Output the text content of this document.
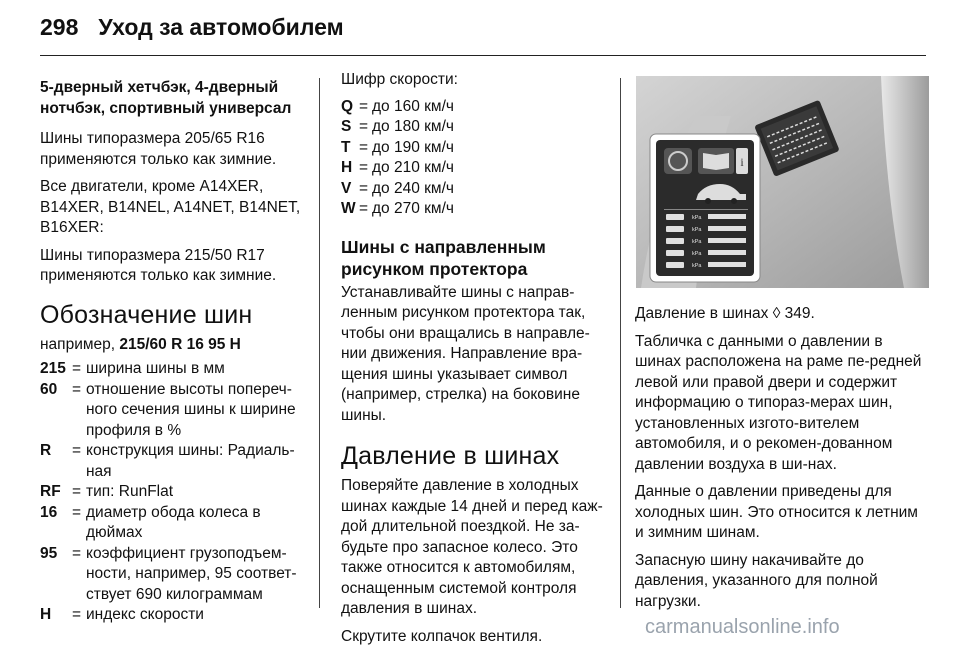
298 Уход за автомобилем

5-дверный хетчбэк, 4-дверный нотчбэк, спортивный универсал

Шины типоразмера 205/65 R16 применяются только как зимние.

Все двигатели, кроме A14XER, B14XER, B14NEL, A14NET, B14NET, B16XER:

Шины типоразмера 215/50 R17 применяются только как зимние.

Обозначение шин
например, 215/60 R 16 95 H
215 = ширина шины в мм
60 = отношение высоты попереч-ного сечения шины к ширине профиля в %
R	= конструкция шины: Радиаль-ная
RF = тип: RunFlat
16 = диаметр обода колеса в дюймах
95 = коэффициент грузоподъем-ности, например, 95 соответ-ствует 690 килограммам
H	= индекс скорости

Шифр скорости:

Q = до 160 км/ч
S = до 180 км/ч
T = до 190 км/ч
H = до 210 км/ч
V = до 240 км/ч
W = до 270 км/ч
Шины с направленным рисунком протектора

Устанавливайте шины с направ-ленным рисунком протектора так, чтобы они вращались в направле-нии движения. Направление вра-щения шины указывает символ (например, стрелка) на боковине шины.

Давление в шинах

Поверяйте давление в холодных шинах каждые 14 дней и перед каж-дой длительной поездкой. Не за-будьте про запасное колесо. Это также относится к автомобилям, оснащенным системой контроля давления в шинах.

Скрутите колпачок вентиля.

i
kPa
kPa
kPa
kPa
kPa

Давление в шинах ◊ 349.

Табличка с данными о давлении в шинах расположена на раме пе-редней левой или правой двери и содержит информацию о типораз-мерах шин, установленных изгото-вителем автомобиля, и о рекомен-дованном давлении воздуха в ши-нах.

Данные о давлении приведены для холодных шин. Это относится к летним и зимним шинам.

Запасную шину накачивайте до давления, указанного для полной нагрузки.

carmanualsonline.info
